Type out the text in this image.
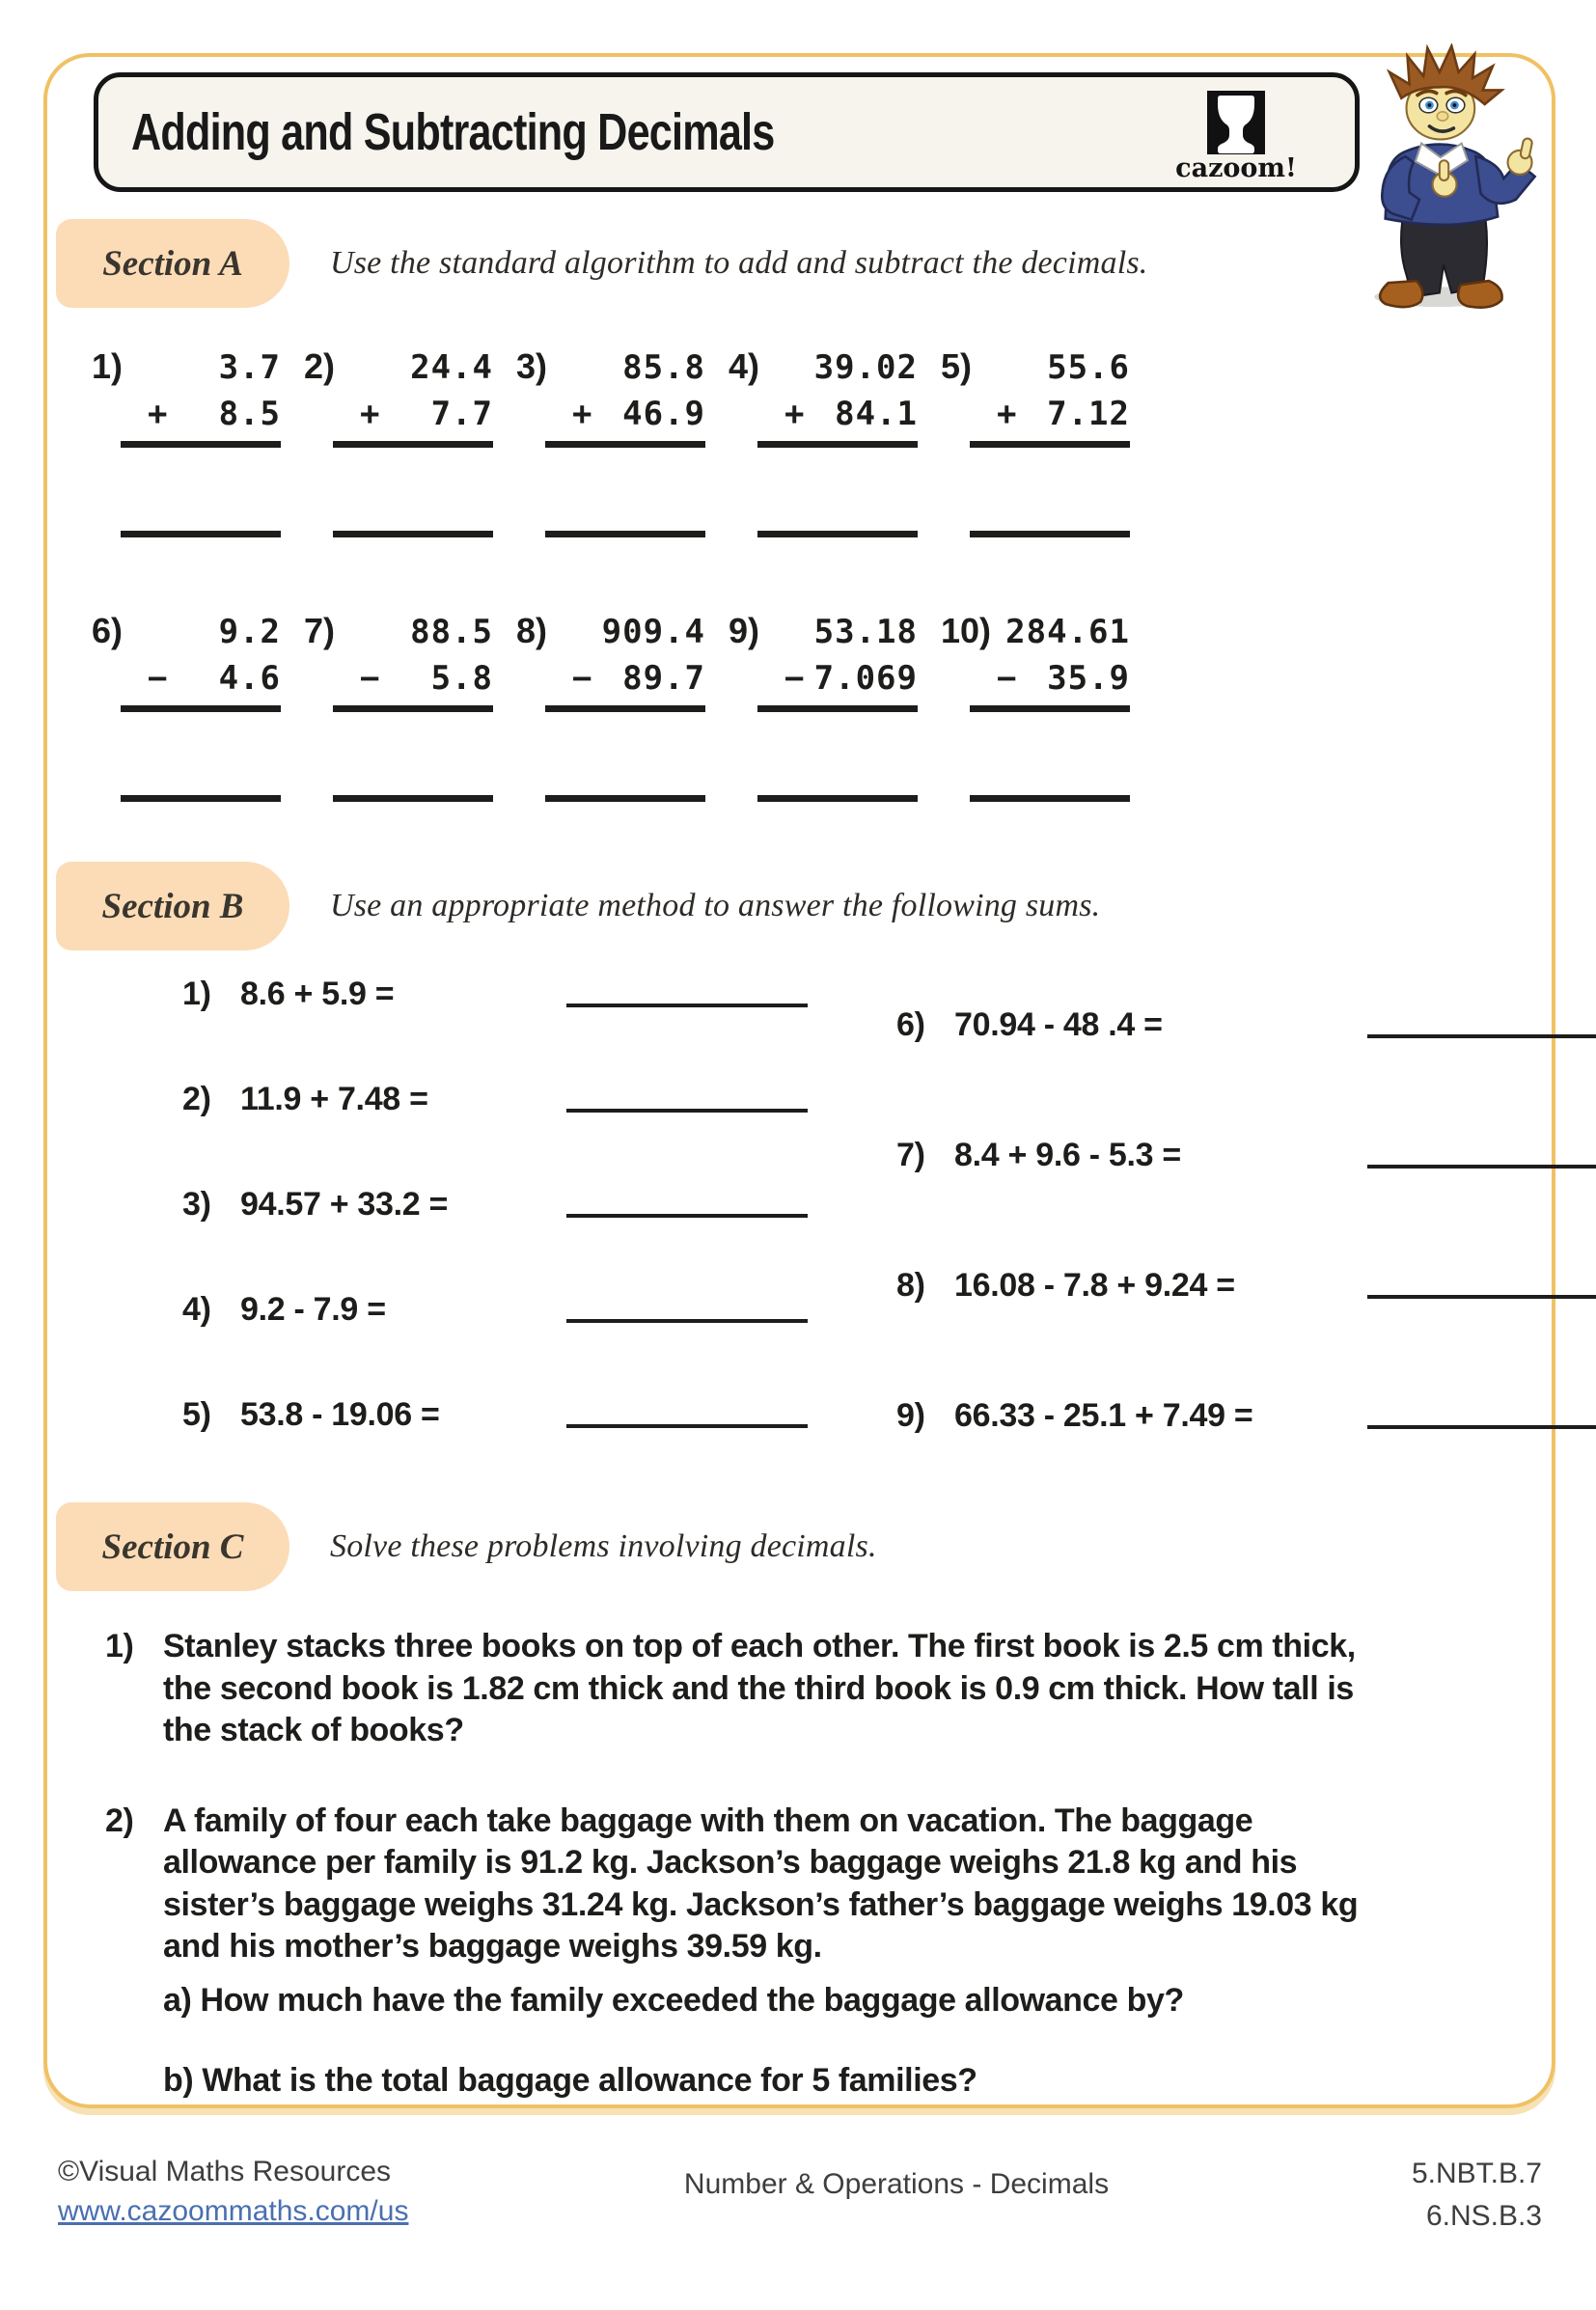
Adding and Subtracting Decimals
cazoom!
Section A	Use the standard algorithm to add and subtract the decimals.
1)	3.7
+ 8.5
2)	24.4
+ 7.7
3)	85.8
+ 46.9
4)	39.02
+ 84.1
5)	55.6
+ 7.12
6)	9.2
− 4.6
7)	88.5
− 5.8
8)	909.4
− 89.7
9)	53.18
− 7.069
10) 284.61
− 35.9
Section B	Use an appropriate method to answer the following sums.
1) 8.6 + 5.9 =
2) 11.9 + 7.48 =
3) 94.57 + 33.2 =
4) 9.2 - 7.9 =
5) 53.8 - 19.06 =
6) 70.94 - 48 .4 =
7) 8.4 + 9.6 - 5.3 =
8) 16.08 - 7.8 + 9.24 =
9) 66.33 - 25.1 + 7.49 =
Section C	Solve these problems involving decimals.
1) Stanley stacks three books on top of each other. The first book is 2.5 cm thick,
the second book is 1.82 cm thick and the third book is 0.9 cm thick. How tall is
the stack of books?
2) A family of four each take baggage with them on vacation. The baggage
allowance per family is 91.2 kg. Jackson’s baggage weighs 21.8 kg and his
sister’s baggage weighs 31.24 kg. Jackson’s father’s baggage weighs 19.03 kg
and his mother’s baggage weighs 39.59 kg.
a) How much have the family exceeded the baggage allowance by?
b) What is the total baggage allowance for 5 families?
©Visual Maths Resources
www.cazoommaths.com/us
Number & Operations - Decimals	5.NBT.B.7
6.NS.B.3
